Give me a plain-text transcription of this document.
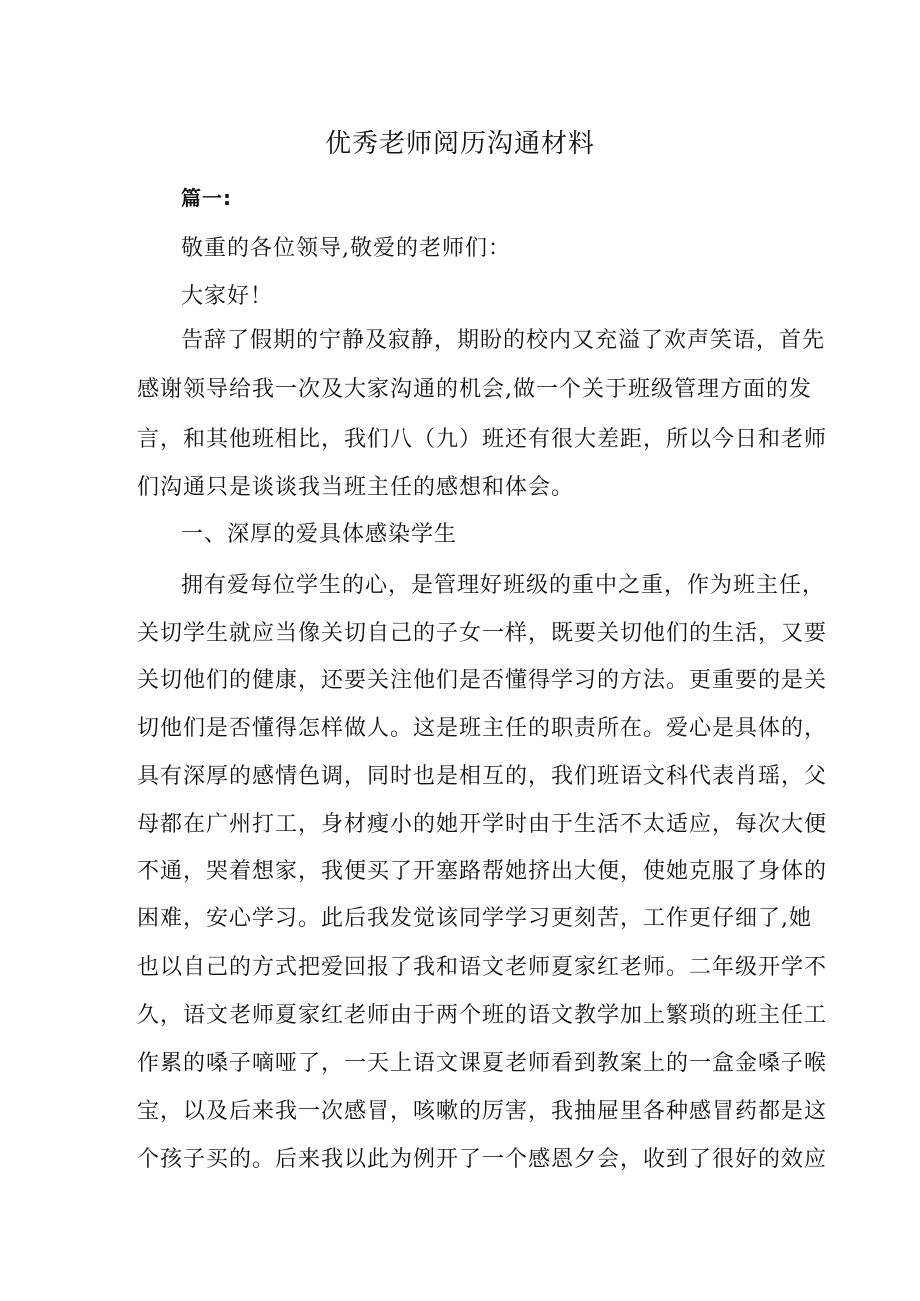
优秀老师阅历沟通材料
篇一:
敬重的各位领导,敬爱的老师们：
大家好！
告辞了假期的宁静及寂静，期盼的校内又充溢了欢声笑语，首先
感谢领导给我一次及大家沟通的机会,做一个关于班级管理方面的发
言，和其他班相比，我们八（九）班还有很大差距，所以今日和老师
们沟通只是谈谈我当班主任的感想和体会。
一、深厚的爱具体感染学生
拥有爱每位学生的心，是管理好班级的重中之重，作为班主任，
关切学生就应当像关切自己的子女一样，既要关切他们的生活，又要
关切他们的健康，还要关注他们是否懂得学习的方法。更重要的是关
切他们是否懂得怎样做人。这是班主任的职责所在。爱心是具体的，
具有深厚的感情色调，同时也是相互的，我们班语文科代表肖瑶，父
母都在广州打工，身材瘦小的她开学时由于生活不太适应，每次大便
不通，哭着想家，我便买了开塞路帮她挤出大便，使她克服了身体的
困难，安心学习。此后我发觉该同学学习更刻苦，工作更仔细了,她
也以自己的方式把爱回报了我和语文老师夏家红老师。二年级开学不
久，语文老师夏家红老师由于两个班的语文教学加上繁琐的班主任工
作累的嗓子嘀哑了，一天上语文课夏老师看到教案上的一盒金嗓子喉
宝，以及后来我一次感冒，咳嗽的厉害，我抽屉里各种感冒药都是这
个孩子买的。后来我以此为例开了一个感恩夕会，收到了很好的效应
